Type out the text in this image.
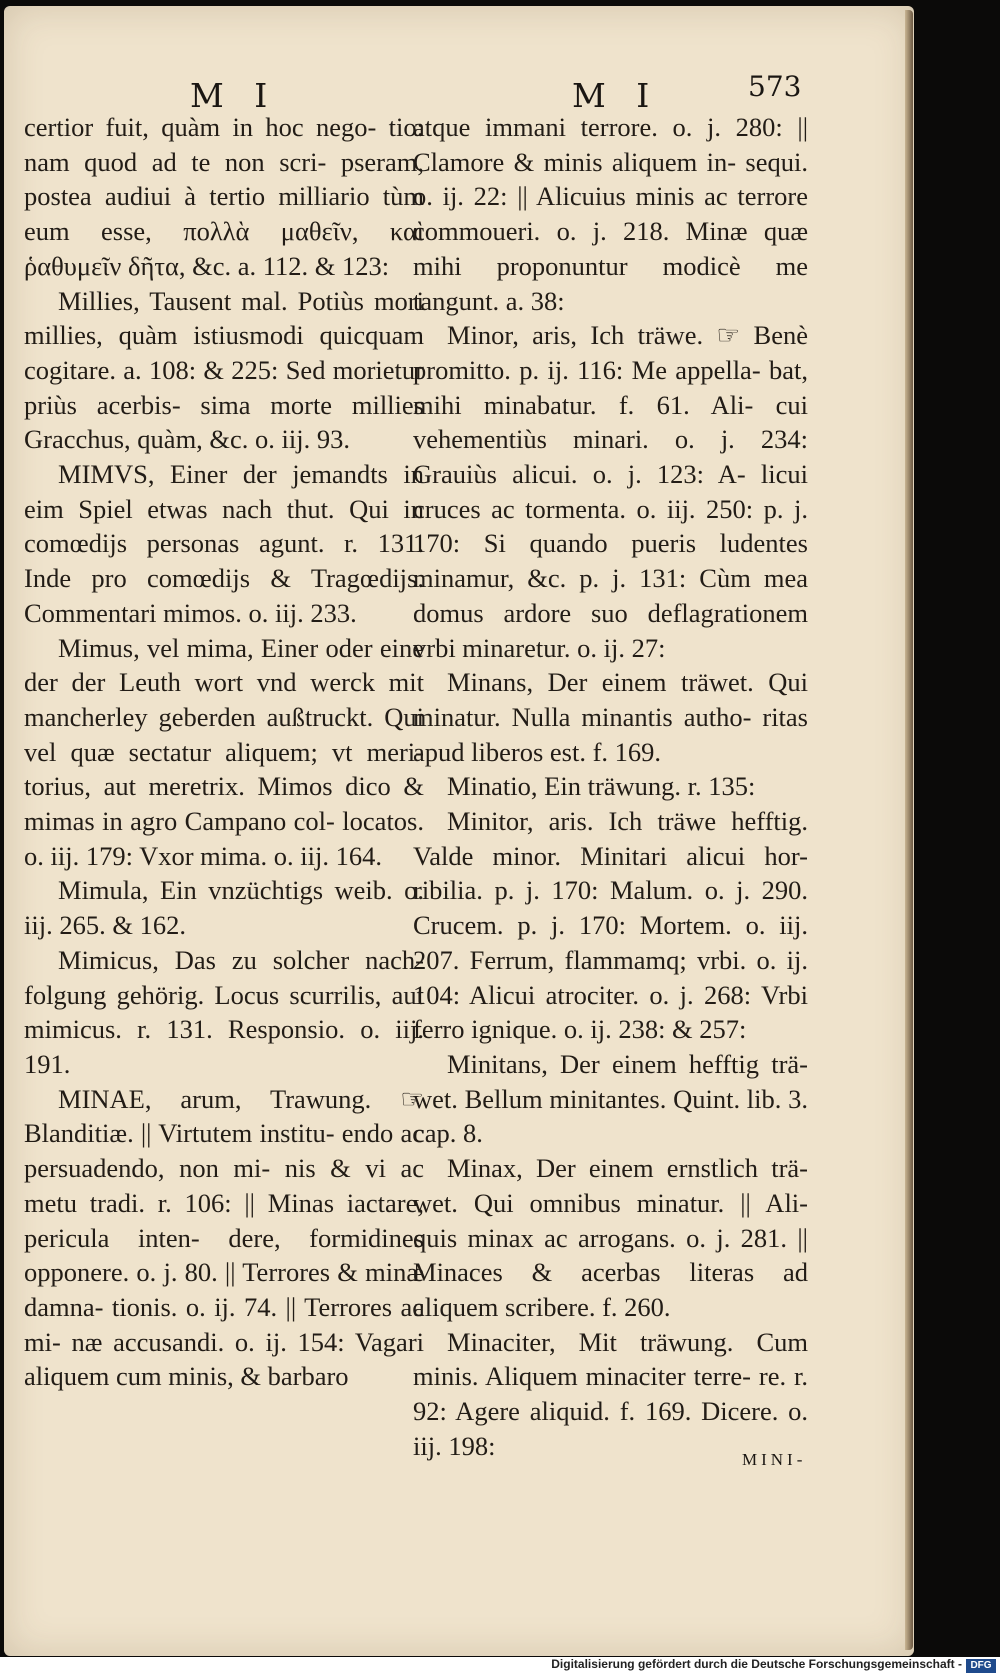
M I	M I	573

certior fuit, quàm in hoc nego- tio: nam quod ad te non scri- pseram, postea audiui à tertio milliario tùm eum esse, πολλὰ μαθεῖν, καὶ ῥαθυμεῖν δῆτα, &c. a. 112. & 123:

Millies, Tausent mal. Potiùs mori millies, quàm istiusmodi quicquam cogitare. a. 108: & 225: Sed morietur priùs acerbis- sima morte millies Gracchus, quàm, &c. o. iij. 93.

MIMVS, Einer der jemandts in eim Spiel etwas nach thut. Qui in comœdijs personas agunt. r. 131. Inde pro comœdijs & Tragœdijs. Commentari mimos. o. iij. 233.

Mimus, vel mima, Einer oder eine der der Leuth wort vnd werck mit mancherley geberden außtruckt. Qui vel quæ sectatur aliquem; vt meri- torius, aut meretrix. Mimos dico & mimas in agro Campano col- locatos. o. iij. 179: Vxor mima. o. iij. 164.

Mimula, Ein vnzüchtigs weib. o. iij. 265. & 162.

Mimicus, Das zu solcher nach- folgung gehörig. Locus scurrilis, aut mimicus. r. 131. Responsio. o. iij. 191.

MINAE, arum, Trawung. ☞ Blanditiæ. || Virtutem institu- endo ac persuadendo, non mi- nis & vi ac metu tradi. r. 106: || Minas iactare, pericula inten- dere, formidines opponere. o. j. 80. || Terrores & minæ damna- tionis. o. ij. 74. || Terrores ac mi- næ accusandi. o. ij. 154: Vagari aliquem cum minis, & barbaro

atque immani terrore. o. j. 280: || Clamore & minis aliquem in- sequi. o. ij. 22: || Alicuius minis ac terrore commoueri. o. j. 218. Minæ quæ mihi proponuntur modicè me tangunt. a. 38:

Minor, aris, Ich träwe. ☞ Benè promitto. p. ij. 116: Me appella- bat, mihi minabatur. f. 61. Ali- cui vehementiùs minari. o. j. 234: Grauiùs alicui. o. j. 123: A- licui cruces ac tormenta. o. iij. 250: p. j. 170: Si quando pueris ludentes minamur, &c. p. j. 131: Cùm mea domus ardore suo deflagrationem vrbi minaretur. o. ij. 27:

Minans, Der einem träwet. Qui minatur. Nulla minantis autho- ritas apud liberos est. f. 169.

Minatio, Ein träwung. r. 135:

Minitor, aris. Ich träwe hefftig. Valde minor. Minitari alicui hor- ribilia. p. j. 170: Malum. o. j. 290. Crucem. p. j. 170: Mortem. o. iij. 207. Ferrum, flammamq; vrbi. o. ij. 104: Alicui atrociter. o. j. 268: Vrbi ferro ignique. o. ij. 238: & 257:

Minitans, Der einem hefftig trä- wet. Bellum minitantes. Quint. lib. 3. cap. 8.

Minax, Der einem ernstlich trä- wet. Qui omnibus minatur. || Ali- quis minax ac arrogans. o. j. 281. || Minaces & acerbas literas ad aliquem scribere. f. 260.

Minaciter, Mit träwung. Cum minis. Aliquem minaciter terre- re. r. 92: Agere aliquid. f. 169. Dicere. o. iij. 198:	MINI-
Digitalisierung gefördert durch die Deutsche Forschungsgemeinschaft - DFG
